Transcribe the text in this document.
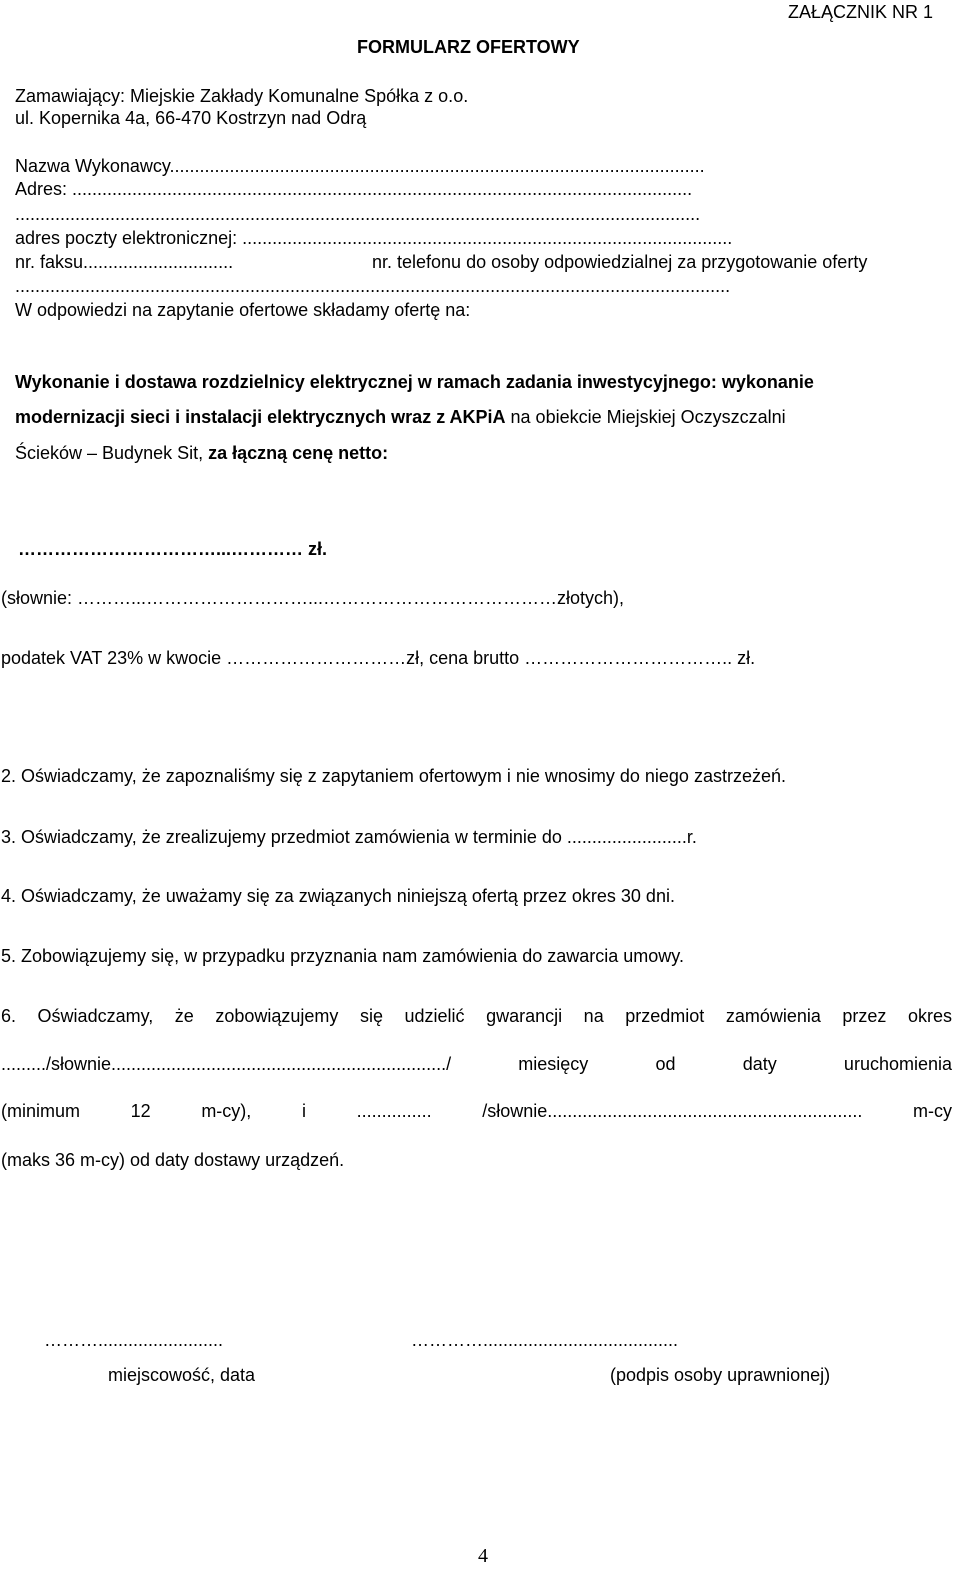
ZAŁĄCZNIK NR 1
FORMULARZ OFERTOWY
Zamawiający: Miejskie Zakłady Komunalne Spółka z o.o.
ul. Kopernika 4a, 66-470 Kostrzyn nad Odrą
Nazwa Wykonawcy...........................................................................................................
Adres: ............................................................................................................................
.........................................................................................................................................
adres poczty elektronicznej: ..................................................................................................
nr. faksu..............................	nr. telefonu do osoby odpowiedzialnej za przygotowanie oferty
...............................................................................................................................................
W odpowiedzi na zapytanie ofertowe składamy ofertę na:
Wykonanie i dostawa rozdzielnicy elektrycznej w ramach zadania inwestycyjnego: wykonanie
modernizacji sieci i instalacji elektrycznych wraz z AKPiA na obiekcie Miejskiej Oczyszczalni
Ścieków – Budynek Sit, za łączną cenę netto:
……………………………...………… zł.
(słownie: ………...………………………...…………………………………złotych),
podatek VAT 23% w kwocie …………………………zł, cena brutto …………………………….. zł.
2. Oświadczamy, że zapoznaliśmy się z zapytaniem ofertowym i nie wnosimy do niego zastrzeżeń.
3. Oświadczamy, że zrealizujemy przedmiot zamówienia w terminie do ........................r.
4. Oświadczamy, że uważamy się za związanych niniejszą ofertą przez okres 30 dni.
5. Zobowiązujemy się, w przypadku przyznania nam zamówienia do zawarcia umowy.
6. Oświadczamy, że zobowiązujemy się udzielić gwarancji na przedmiot zamówienia przez okres
........./słownie.................................................................../ miesięcy od daty uruchomienia
(minimum 12 m-cy), i ............... /słownie............................................................... m-cy
(maks 36 m-cy) od daty dostawy urządzeń.
……….........................	………….......................................
miejscowość, data	(podpis osoby uprawnionej)
4
